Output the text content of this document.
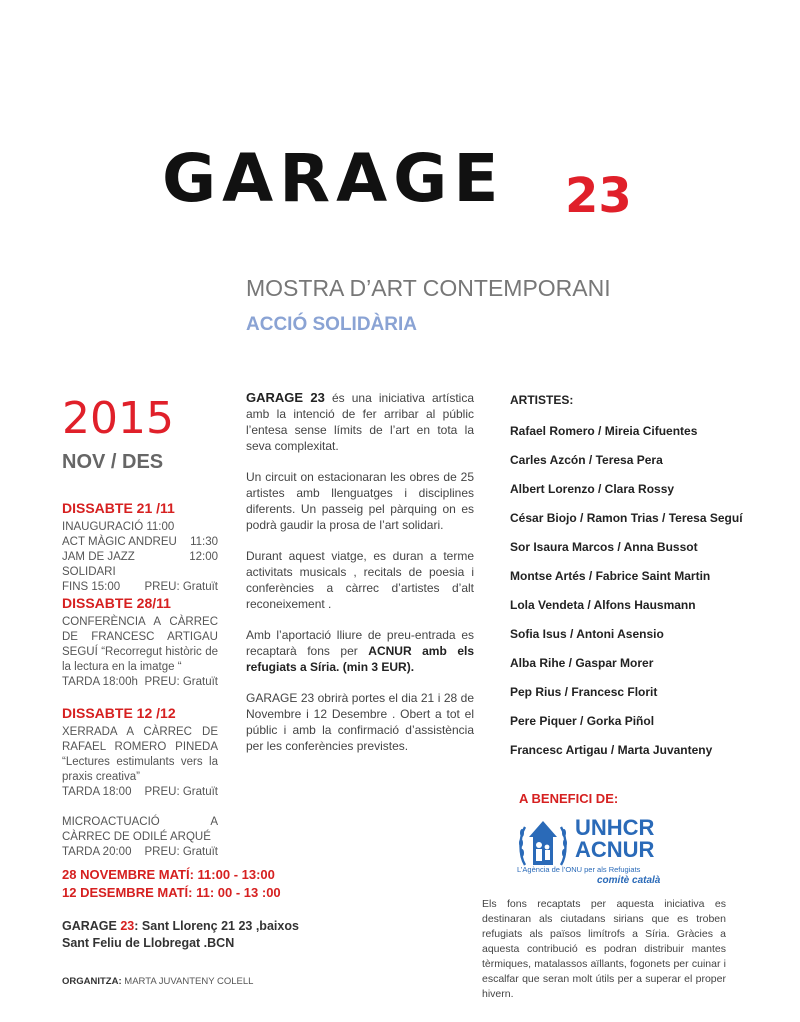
GARAGE 23
MOSTRA D’ART CONTEMPORANI
ACCIÓ SOLIDÀRIA
2015
NOV / DES
DISSABTE 21 /11
INAUGURACIÓ 11:00
ACT MÀGIC ANDREU 11:30
JAM DE JAZZ SOLIDARI
12:00
FINS 15:00 PREU: Gratuït
DISSABTE 28/11
CONFERÈNCIA A CÀRREC DE FRANCESC ARTIGAU SEGUÍ “Recorregut històric de la lectura en la imatge “
TARDA 18:00h PREU: Gratuït
DISSABTE 12 /12
XERRADA A CÀRREC DE RAFAEL ROMERO PINEDA “Lectures estimulants vers la praxis creativa”
TARDA 18:00 PREU: Gratuït
MICROACTUACIÓ A CÀRREC DE ODILÉ ARQUÉ
TARDA 20:00 PREU: Gratuït
28 NOVEMBRE MATÍ: 11:00 - 13:00
12 DESEMBRE MATÍ: 11: 00 - 13 :00
GARAGE 23: Sant Llorenç 21 23 ,baixos
Sant Feliu de Llobregat .BCN
ORGANITZA: MARTA JUVANTENY COLELL

GARAGE 23 és una iniciativa artística amb la intenció de fer arribar al públic l’entesa sense límits de l’art en tota la seva complexitat.

Un circuit on estacionaran les obres de 25 artistes amb llenguatges i disciplines diferents. Un passeig pel pàrquing on es podrà gaudir la prosa de l’art solidari.

Durant aquest viatge, es duran a terme activitats musicals , recitals de poesia i conferències a càrrec d’artistes d’alt reconeixement .

Amb l’aportació lliure de preu-entrada es recaptarà fons per ACNUR amb els refugiats a Síria. (min 3 EUR).

GARAGE 23 obrirà portes el dia 21 i 28 de Novembre i 12 Desembre . Obert a tot el públic i amb la confirmació d’assistència per les conferències previstes.

ARTISTES:
Rafael Romero / Mireia Cifuentes
Carles Azcón / Teresa Pera
Albert Lorenzo / Clara Rossy
César Biojo / Ramon Trias / Teresa Seguí
Sor Isaura Marcos / Anna Bussot
Montse Artés / Fabrice Saint Martin
Lola Vendeta / Alfons Hausmann
Sofia Isus / Antoni Asensio
Alba Rihe / Gaspar Morer
Pep Rius / Francesc Florit
Pere Piquer / Gorka Piñol
Francesc Artigau / Marta Juvanteny
A BENEFICI DE:
UNHCR
ACNUR
L’Agència de l’ONU per als Refugiats
comitè català
Els fons recaptats per aquesta iniciativa es destinaran als ciutadans sirians que es troben refugiats als països limítrofs a Síria. Gràcies a aquesta contribució es podran distribuir mantes tèrmiques, matalassos aïllants, fogonets per cuinar i escalfar que seran molt útils per a superar el proper hivern.
